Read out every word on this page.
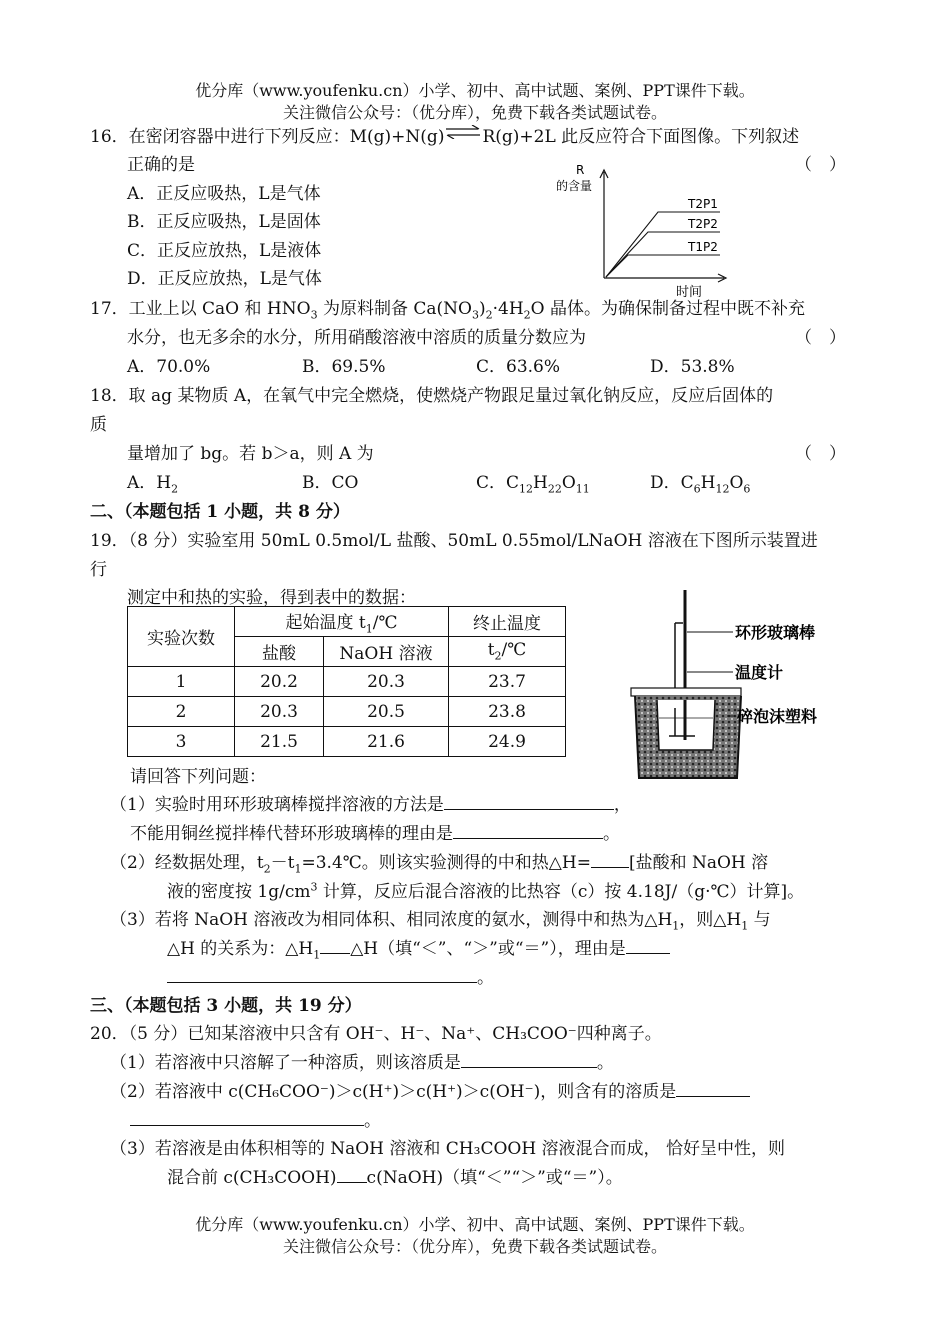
优分库（www.youfenku.cn）小学、初中、高中试题、案例、PPT课件下载。
关注微信公众号：（优分库），免费下载各类试题试卷。
16．在密闭容器中进行下列反应：M(g)+N(g)⇌R(g)+2L 此反应符合下面图像。下列叙述
正确的是	（　）
A．正反应吸热，L是气体
B．正反应吸热，L是固体
C．正反应放热，L是液体
D．正反应放热，L是气体
R
的含量
T2P1
T2P2
T1P2
时间
17．工业上以 CaO 和 $HNO_3$ 为原料制备 $Ca(NO_3)_2\cdot 4H_2O$ 晶体。为确保制备过程中既不补充
水分，也无多余的水分，所用硝酸溶液中溶质的质量分数应为	（　）
A．70.0%	B．69.5%	C．63.6%	D．53.8%
18．取 ag 某物质 A，在氧气中完全燃烧，使燃烧产物跟足量过氧化钠反应，反应后固体的
质
量增加了 bg。若 b＞a，则 A 为	（　）
A．$H_2$	B．CO	C．$C_{12}H_{22}O_{11}$	D．$C_6H_{12}O_6$
二、（本题包括 1 小题，共 8 分）
19．（8 分）实验室用 50mL 0.5mol/L 盐酸、50mL 0.55mol/LNaOH 溶液在下图所示装置进
行
测定中和热的实验，得到表中的数据：
实验次数	起始温度 $t_1/℃$		终止温度
	盐酸	NaOH 溶液	$t_2/℃$
1	20.2	20.3	23.7
2	20.3	20.5	23.8
3	21.5	21.6	24.9
环形玻璃棒
温度计
碎泡沫塑料
请回答下列问题：
（1）实验时用环形玻璃棒搅拌溶液的方法是	，
不能用铜丝搅拌棒代替环形玻璃棒的理由是	。
（2）经数据处理，$t_2-t_1=3.4℃$。则该实验测得的中和热△H= [盐酸和 NaOH 溶
液的密度按 $1g/cm^3$ 计算，反应后混合溶液的比热容（c）按 4.18J/（g·℃）计算]。
（3）若将 NaOH 溶液改为相同体积、相同浓度的氨水，测得中和热为$\triangle H_1$，则$\triangle H_1$ 与
△H 的关系为：$\triangle H_1$ △H（填“＜”、“＞”或“＝”），理由是
。
三、（本题包括 3 小题，共 19 分）
20．（5 分）已知某溶液中只含有 OH⁻、H⁻、Na⁺、CH₃COO⁻四种离子。
（1）若溶液中只溶解了一种溶质，则该溶质是	。
（2）若溶液中 c(CH₆COO⁻)＞c(H⁺)＞c(H⁺)＞c(OH⁻)，则含有的溶质是
。
（3）若溶液是由体积相等的 NaOH 溶液和 CH₃COOH 溶液混合而成， 恰好呈中性，则
混合前 c(CH₃COOH) c(NaOH)（填“＜”“＞”或“＝”）。
优分库（www.youfenku.cn）小学、初中、高中试题、案例、PPT课件下载。
关注微信公众号：（优分库），免费下载各类试题试卷。
